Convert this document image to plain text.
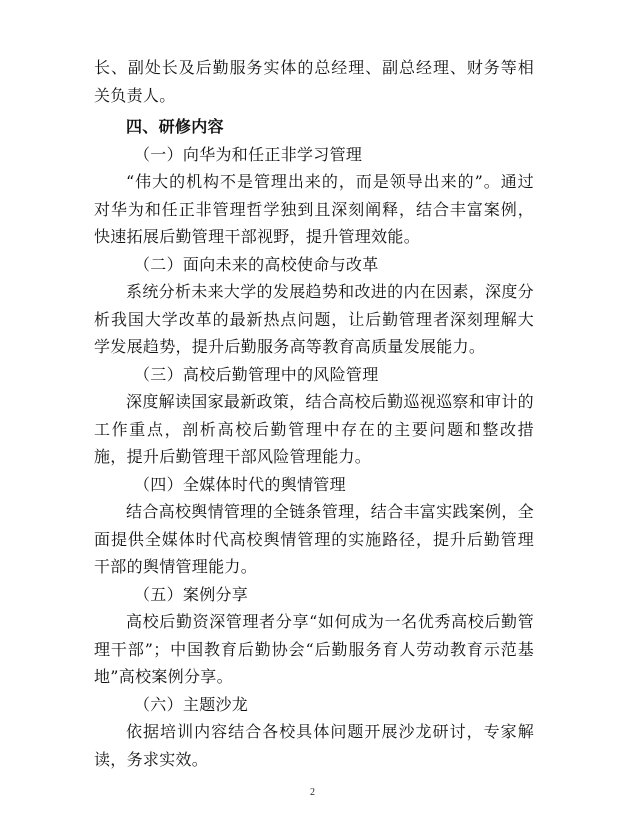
长、副处长及后勤服务实体的总经理、副总经理、财务等相关负责人。

四、研修内容

（一）向华为和任正非学习管理

“伟大的机构不是管理出来的，而是领导出来的”。通过对华为和任正非管理哲学独到且深刻阐释，结合丰富案例，快速拓展后勤管理干部视野，提升管理效能。

（二）面向未来的高校使命与改革

系统分析未来大学的发展趋势和改进的内在因素，深度分析我国大学改革的最新热点问题，让后勤管理者深刻理解大学发展趋势，提升后勤服务高等教育高质量发展能力。

（三）高校后勤管理中的风险管理

深度解读国家最新政策，结合高校后勤巡视巡察和审计的工作重点，剖析高校后勤管理中存在的主要问题和整改措施，提升后勤管理干部风险管理能力。

（四）全媒体时代的舆情管理

结合高校舆情管理的全链条管理，结合丰富实践案例，全面提供全媒体时代高校舆情管理的实施路径，提升后勤管理干部的舆情管理能力。

（五）案例分享

高校后勤资深管理者分享“如何成为一名优秀高校后勤管理干部”；中国教育后勤协会“后勤服务育人劳动教育示范基地”高校案例分享。

（六）主题沙龙

依据培训内容结合各校具体问题开展沙龙研讨，专家解读，务求实效。

2
